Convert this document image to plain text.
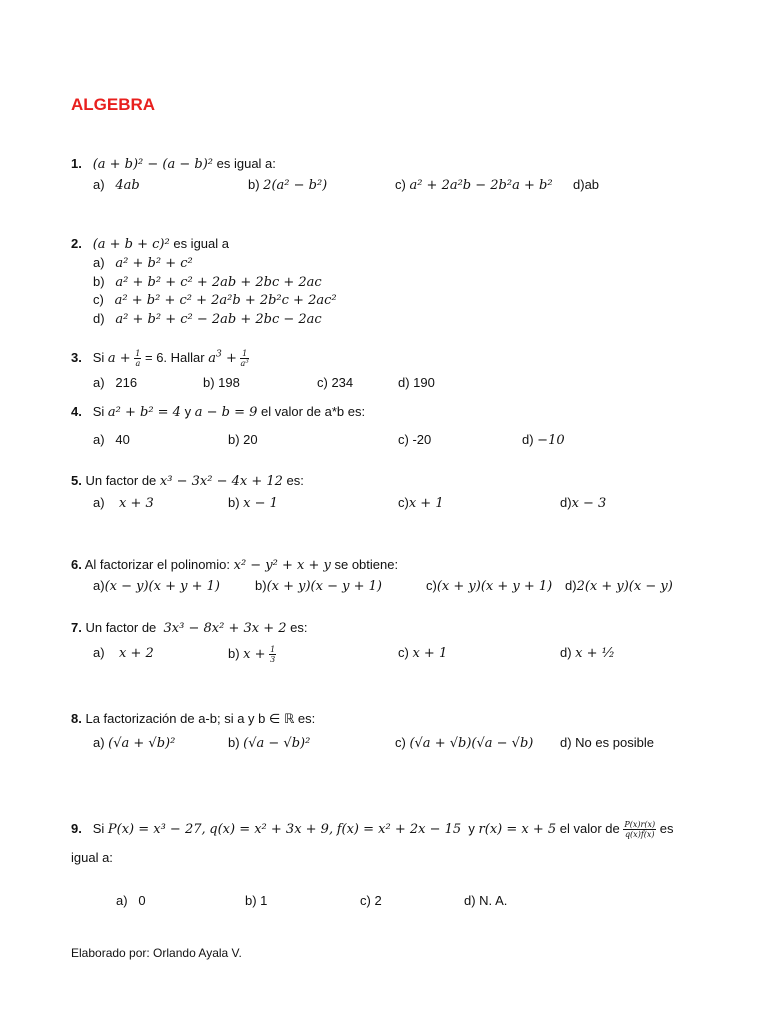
ALGEBRA
1. (a + b)² − (a − b)² es igual a:
a) 4ab	b) 2(a² − b²)	c) a² + 2a²b − 2b²a + b² d)ab
2. (a + b + c)² es igual a
a)   a² + b² + c²
b)   a² + b² + c² + 2ab + 2bc + 2ac
c)   a² + b² + c² + 2a²b + 2b²c + 2ac²
d)   a² + b² + c² − 2ab + 2bc − 2ac
3. Si $a + \frac{1}{a} = 6$. Hallar $a^3 + \frac{1}{a^3}$
a)   216	b) 198	c) 234	d) 190
4. Si a² + b² = 4 y a − b = 9 el valor de a*b es:
a)   40	b) 20	c) -20	d) −10
5. Un factor de x³ − 3x² − 4x + 12 es:
a)    x + 3	b) x − 1	c)x + 1	d)x − 3
6. Al factorizar el polinomio: x² − y² + x + y se obtiene:
a)(x − y)(x + y + 1)	b)(x + y)(x − y + 1)	c)(x + y)(x + y + 1) d)2(x + y)(x − y)
7. Un factor de 3x³ − 8x² + 3x + 2 es:
a)    x + 2	b) $x + \frac{1}{3}$	c) x + 1	d) x + ¹⁄₂
8. La factorización de a-b; si a y b ∈ ℝ es:
a) (√a + √b)²	b) (√a − √b)²	c) (√a + √b)(√a − √b) d) No es posible
9. Si P(x) = x³ − 27, q(x) = x² + 3x + 9, f(x) = x² + 2x − 15 y r(x) = x + 5 el valor de $\frac{P(x)r(x)}{q(x)f(x)}$ es
igual a:
a)   0	b) 1	c) 2	d) N. A.
Elaborado por: Orlando Ayala V.
